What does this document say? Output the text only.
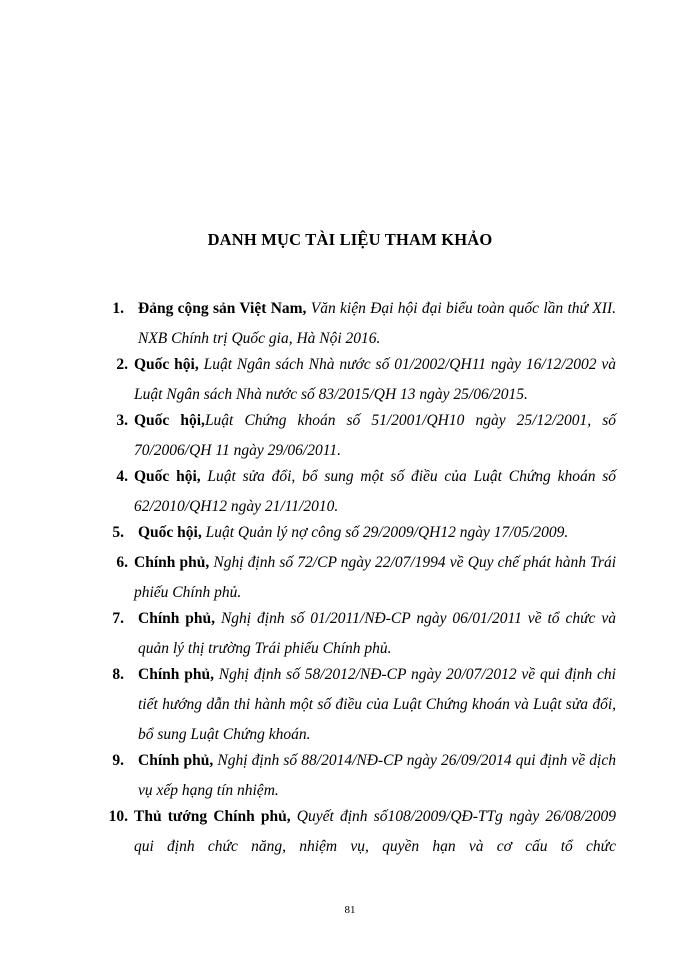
DANH MỤC TÀI LIỆU THAM KHẢO
1. Đảng cộng sản Việt Nam, Văn kiện Đại hội đại biểu toàn quốc lần thứ XII. NXB Chính trị Quốc gia, Hà Nội 2016.
2. Quốc hội, Luật Ngân sách Nhà nước số 01/2002/QH11 ngày 16/12/2002 và Luật Ngân sách Nhà nước số 83/2015/QH 13 ngày 25/06/2015.
3. Quốc hội,Luật Chứng khoán số 51/2001/QH10 ngày 25/12/2001, số 70/2006/QH 11 ngày 29/06/2011.
4. Quốc hội, Luật sửa đổi, bổ sung một số điều của Luật Chứng khoán số 62/2010/QH12 ngày 21/11/2010.
5. Quốc hội, Luật Quản lý nợ công số 29/2009/QH12 ngày 17/05/2009.
6. Chính phủ, Nghị định số 72/CP ngày 22/07/1994 về Quy chế phát hành Trái phiếu Chính phủ.
7. Chính phủ, Nghị định số 01/2011/NĐ-CP ngày 06/01/2011 về tổ chức và quản lý thị trường Trái phiếu Chính phủ.
8. Chính phủ, Nghị định số 58/2012/NĐ-CP ngày 20/07/2012 về qui định chi tiết hướng dẫn thi hành một số điều của Luật Chứng khoán và Luật sửa đổi, bổ sung Luật Chứng khoán.
9. Chính phủ, Nghị định số 88/2014/NĐ-CP ngày 26/09/2014 qui định về dịch vụ xếp hạng tín nhiệm.
10. Thủ tướng Chính phủ, Quyết định số108/2009/QĐ-TTg ngày 26/08/2009 qui định chức năng, nhiệm vụ, quyền hạn và cơ cấu tổ chức
81
